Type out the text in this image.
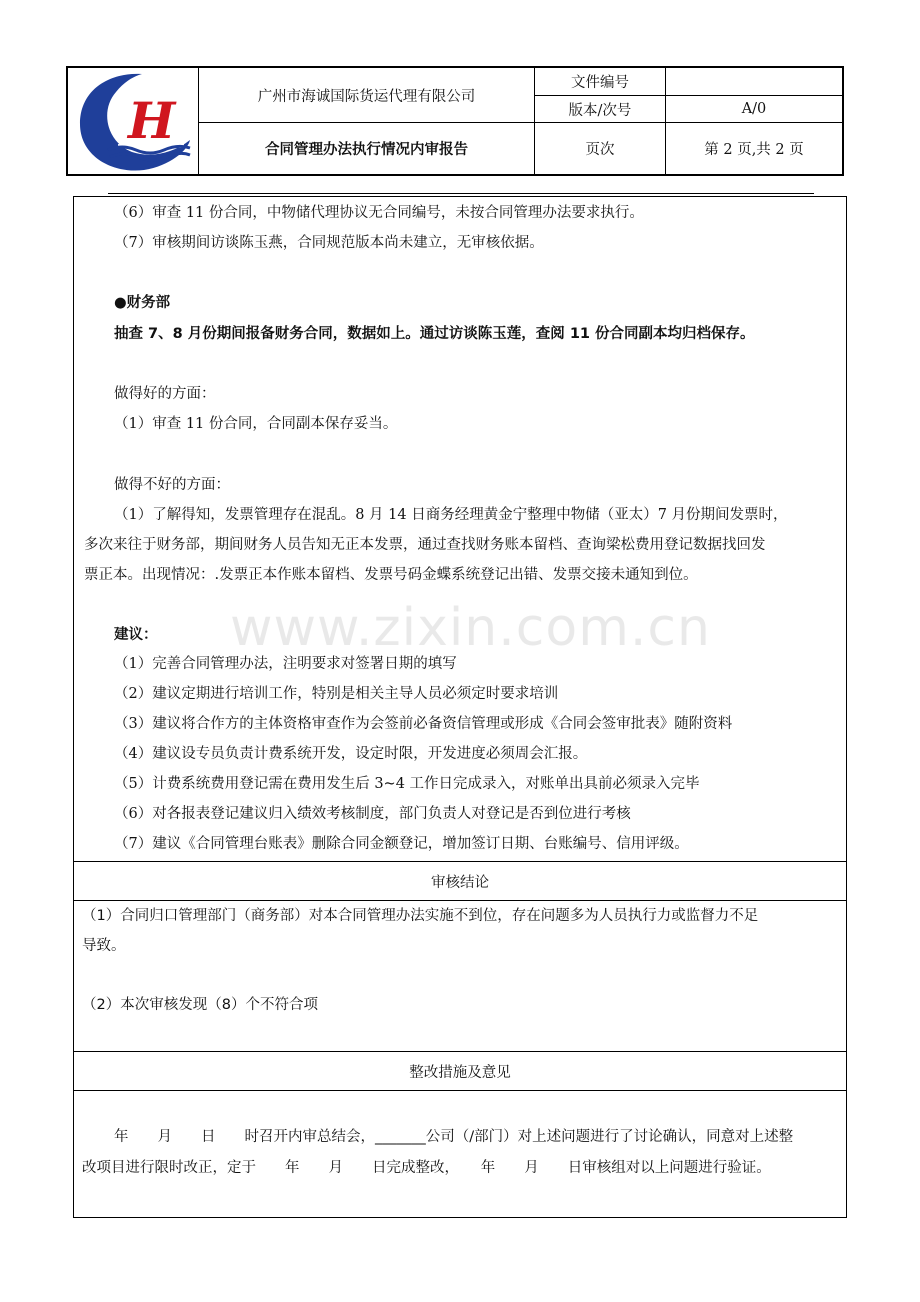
H	广州市海诚国际货运代理有限公司
合同管理办法执行情况内审报告
文件编号
版本/次号	A/0
页次	第 2 页,共 2 页
（6）审查 11 份合同，中物储代理协议无合同编号，未按合同管理办法要求执行。
（7）审核期间访谈陈玉燕，合同规范版本尚未建立，无审核依据。
●财务部
抽查 7、8 月份期间报备财务合同，数据如上。通过访谈陈玉莲，查阅 11 份合同副本均归档保存。
做得好的方面：
（1）审查 11 份合同，合同副本保存妥当。
做得不好的方面：
（1）了解得知，发票管理存在混乱。8 月 14 日商务经理黄金宁整理中物储（亚太）7 月份期间发票时，
多次来往于财务部，期间财务人员告知无正本发票，通过查找财务账本留档、查询梁松费用登记数据找回发
票正本。出现情况：.发票正本作账本留档、发票号码金蝶系统登记出错、发票交接未通知到位。
建议：
（1）完善合同管理办法，注明要求对签署日期的填写
（2）建议定期进行培训工作，特别是相关主导人员必须定时要求培训
（3）建议将合作方的主体资格审查作为会签前必备资信管理或形成《合同会签审批表》随附资料
（4）建议设专员负责计费系统开发，设定时限，开发进度必须周会汇报。
（5）计费系统费用登记需在费用发生后 3~4 工作日完成录入，对账单出具前必须录入完毕
（6）对各报表登记建议归入绩效考核制度，部门负责人对登记是否到位进行考核
（7）建议《合同管理台账表》删除合同金额登记，增加签订日期、台账编号、信用评级。
审核结论
（1）合同归口管理部门（商务部）对本合同管理办法实施不到位，存在问题多为人员执行力或监督力不足
导致。
（2）本次审核发现（8）个不符合项
整改措施及意见
年　　月　　日　　时召开内审总结会，_______公司（/部门）对上述问题进行了讨论确认，同意对上述整
改项目进行限时改正，定于　　年　　月　　日完成整改，　　年　　月　　日审核组对以上问题进行验证。
www.zixin.com.cn
